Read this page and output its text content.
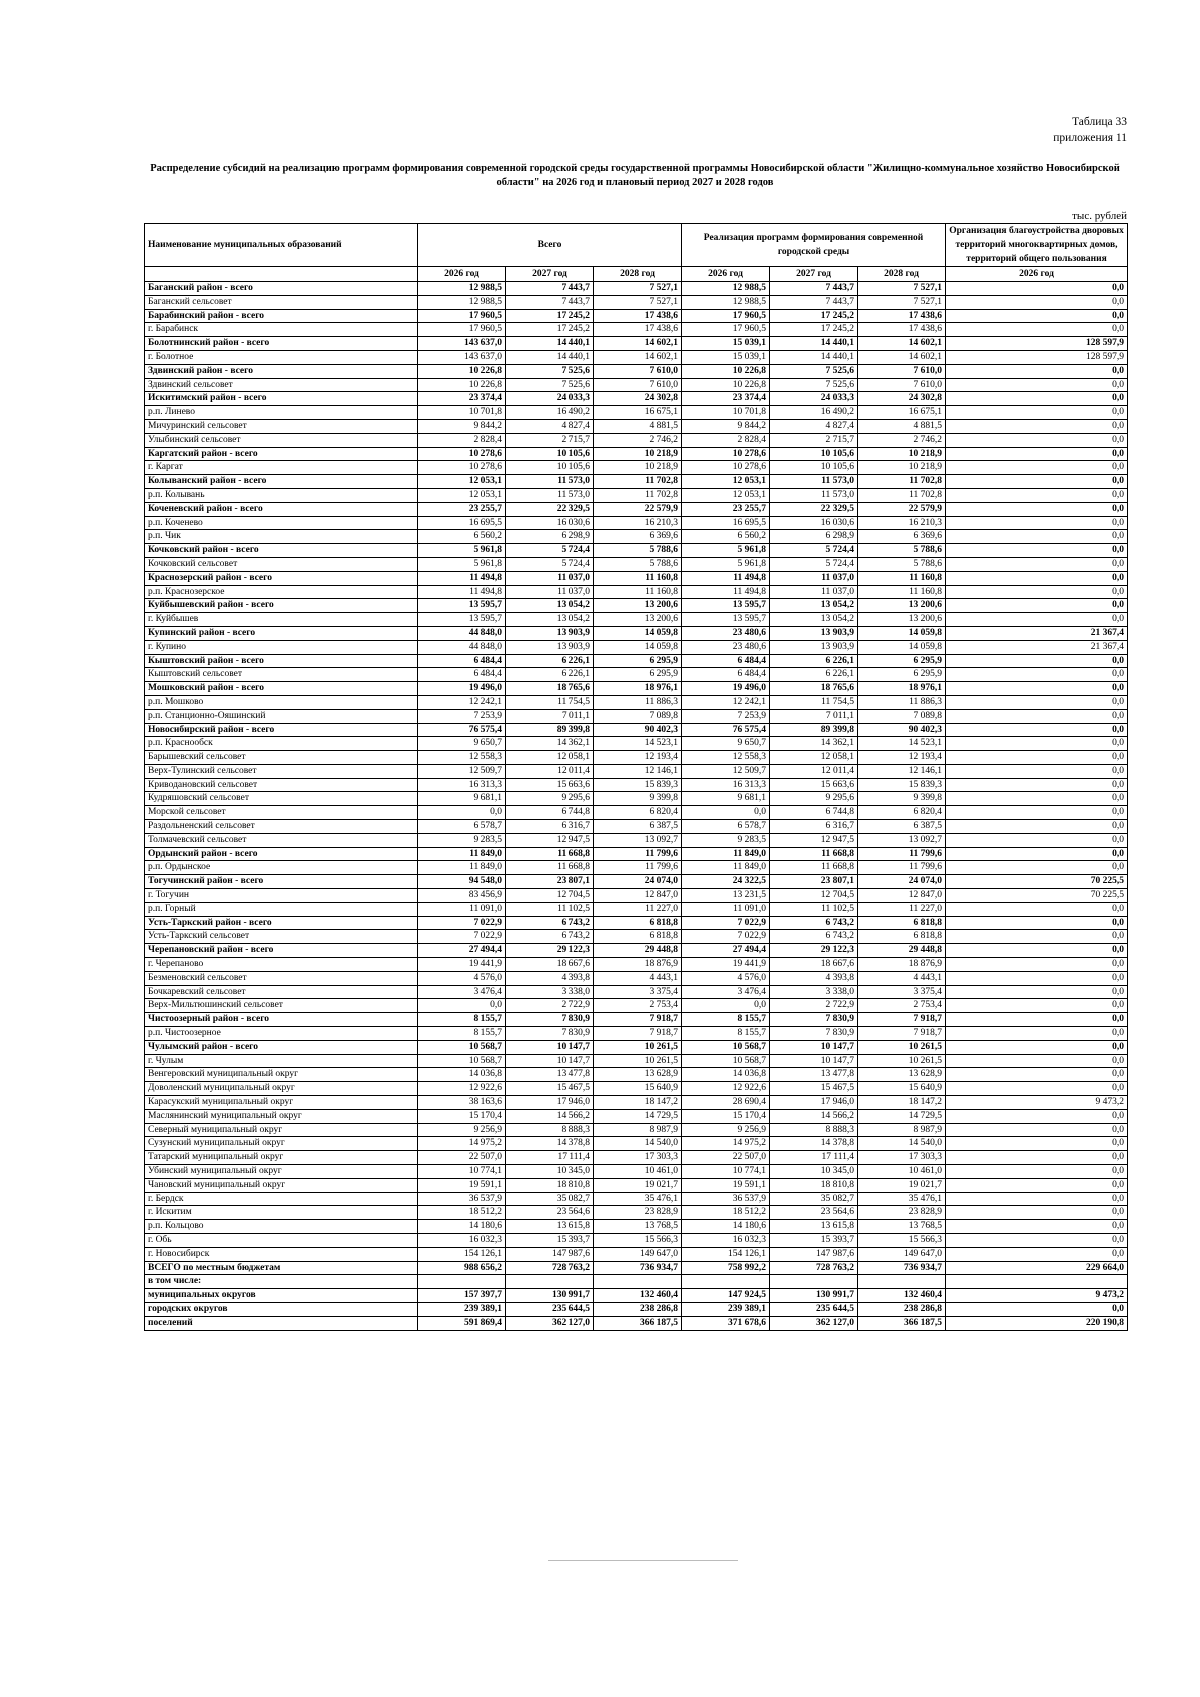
Таблица 33
приложения 11
Распределение субсидий на реализацию программ формирования современной городской среды государственной программы Новосибирской области "Жилищно-коммунальное хозяйство Новосибирской области" на 2026 год и плановый период 2027 и 2028 годов
тыс. рублей
Наименование муниципальных образований	Всего			Реализация программ формирования современной городской среды			Организация благоустройства дворовых территорий многоквартирных домов, территорий общего пользования
	2026 год	2027 год	2028 год	2026 год	2027 год	2028 год	2026 год
Баганский район - всего	12 988,5	7 443,7	7 527,1	12 988,5	7 443,7	7 527,1	0,0
Баганский сельсовет	12 988,5	7 443,7	7 527,1	12 988,5	7 443,7	7 527,1	0,0
Барабинский район - всего	17 960,5	17 245,2	17 438,6	17 960,5	17 245,2	17 438,6	0,0
г. Барабинск	17 960,5	17 245,2	17 438,6	17 960,5	17 245,2	17 438,6	0,0
Болотнинский район - всего	143 637,0	14 440,1	14 602,1	15 039,1	14 440,1	14 602,1	128 597,9
г. Болотное	143 637,0	14 440,1	14 602,1	15 039,1	14 440,1	14 602,1	128 597,9
Здвинский район - всего	10 226,8	7 525,6	7 610,0	10 226,8	7 525,6	7 610,0	0,0
Здвинский сельсовет	10 226,8	7 525,6	7 610,0	10 226,8	7 525,6	7 610,0	0,0
Искитимский район - всего	23 374,4	24 033,3	24 302,8	23 374,4	24 033,3	24 302,8	0,0
р.п. Линево	10 701,8	16 490,2	16 675,1	10 701,8	16 490,2	16 675,1	0,0
Мичуринский сельсовет	9 844,2	4 827,4	4 881,5	9 844,2	4 827,4	4 881,5	0,0
Улыбинский сельсовет	2 828,4	2 715,7	2 746,2	2 828,4	2 715,7	2 746,2	0,0
Каргатский район - всего	10 278,6	10 105,6	10 218,9	10 278,6	10 105,6	10 218,9	0,0
г. Каргат	10 278,6	10 105,6	10 218,9	10 278,6	10 105,6	10 218,9	0,0
Колыванский район - всего	12 053,1	11 573,0	11 702,8	12 053,1	11 573,0	11 702,8	0,0
р.п. Колывань	12 053,1	11 573,0	11 702,8	12 053,1	11 573,0	11 702,8	0,0
Коченевский район - всего	23 255,7	22 329,5	22 579,9	23 255,7	22 329,5	22 579,9	0,0
р.п. Коченево	16 695,5	16 030,6	16 210,3	16 695,5	16 030,6	16 210,3	0,0
р.п. Чик	6 560,2	6 298,9	6 369,6	6 560,2	6 298,9	6 369,6	0,0
Кочковский район - всего	5 961,8	5 724,4	5 788,6	5 961,8	5 724,4	5 788,6	0,0
Кочковский сельсовет	5 961,8	5 724,4	5 788,6	5 961,8	5 724,4	5 788,6	0,0
Краснозерский район - всего	11 494,8	11 037,0	11 160,8	11 494,8	11 037,0	11 160,8	0,0
р.п. Краснозерское	11 494,8	11 037,0	11 160,8	11 494,8	11 037,0	11 160,8	0,0
Куйбышевский район - всего	13 595,7	13 054,2	13 200,6	13 595,7	13 054,2	13 200,6	0,0
г. Куйбышев	13 595,7	13 054,2	13 200,6	13 595,7	13 054,2	13 200,6	0,0
Купинский район - всего	44 848,0	13 903,9	14 059,8	23 480,6	13 903,9	14 059,8	21 367,4
г. Купино	44 848,0	13 903,9	14 059,8	23 480,6	13 903,9	14 059,8	21 367,4
Кыштовский район - всего	6 484,4	6 226,1	6 295,9	6 484,4	6 226,1	6 295,9	0,0
Кыштовский сельсовет	6 484,4	6 226,1	6 295,9	6 484,4	6 226,1	6 295,9	0,0
Мошковский район - всего	19 496,0	18 765,6	18 976,1	19 496,0	18 765,6	18 976,1	0,0
р.п. Мошково	12 242,1	11 754,5	11 886,3	12 242,1	11 754,5	11 886,3	0,0
р.п. Станционно-Ояшинский	7 253,9	7 011,1	7 089,8	7 253,9	7 011,1	7 089,8	0,0
Новосибирский район - всего	76 575,4	89 399,8	90 402,3	76 575,4	89 399,8	90 402,3	0,0
р.п. Краснообск	9 650,7	14 362,1	14 523,1	9 650,7	14 362,1	14 523,1	0,0
Барышевский сельсовет	12 558,3	12 058,1	12 193,4	12 558,3	12 058,1	12 193,4	0,0
Верх-Тулинский сельсовет	12 509,7	12 011,4	12 146,1	12 509,7	12 011,4	12 146,1	0,0
Криводановский сельсовет	16 313,3	15 663,6	15 839,3	16 313,3	15 663,6	15 839,3	0,0
Кудряшовский сельсовет	9 681,1	9 295,6	9 399,8	9 681,1	9 295,6	9 399,8	0,0
Морской сельсовет	0,0	6 744,8	6 820,4	0,0	6 744,8	6 820,4	0,0
Раздольненский сельсовет	6 578,7	6 316,7	6 387,5	6 578,7	6 316,7	6 387,5	0,0
Толмачевский сельсовет	9 283,5	12 947,5	13 092,7	9 283,5	12 947,5	13 092,7	0,0
Ордынский район - всего	11 849,0	11 668,8	11 799,6	11 849,0	11 668,8	11 799,6	0,0
р.п. Ордынское	11 849,0	11 668,8	11 799,6	11 849,0	11 668,8	11 799,6	0,0
Тогучинский район - всего	94 548,0	23 807,1	24 074,0	24 322,5	23 807,1	24 074,0	70 225,5
г. Тогучин	83 456,9	12 704,5	12 847,0	13 231,5	12 704,5	12 847,0	70 225,5
р.п. Горный	11 091,0	11 102,5	11 227,0	11 091,0	11 102,5	11 227,0	0,0
Усть-Таркский район - всего	7 022,9	6 743,2	6 818,8	7 022,9	6 743,2	6 818,8	0,0
Усть-Таркский сельсовет	7 022,9	6 743,2	6 818,8	7 022,9	6 743,2	6 818,8	0,0
Черепановский район - всего	27 494,4	29 122,3	29 448,8	27 494,4	29 122,3	29 448,8	0,0
г. Черепаново	19 441,9	18 667,6	18 876,9	19 441,9	18 667,6	18 876,9	0,0
Безменовский сельсовет	4 576,0	4 393,8	4 443,1	4 576,0	4 393,8	4 443,1	0,0
Бочкаревский сельсовет	3 476,4	3 338,0	3 375,4	3 476,4	3 338,0	3 375,4	0,0
Верх-Мильтюшинский сельсовет	0,0	2 722,9	2 753,4	0,0	2 722,9	2 753,4	0,0
Чистоозерный район - всего	8 155,7	7 830,9	7 918,7	8 155,7	7 830,9	7 918,7	0,0
р.п. Чистоозерное	8 155,7	7 830,9	7 918,7	8 155,7	7 830,9	7 918,7	0,0
Чулымский район - всего	10 568,7	10 147,7	10 261,5	10 568,7	10 147,7	10 261,5	0,0
г. Чулым	10 568,7	10 147,7	10 261,5	10 568,7	10 147,7	10 261,5	0,0
Венгеровский муниципальный округ	14 036,8	13 477,8	13 628,9	14 036,8	13 477,8	13 628,9	0,0
Доволенский муниципальный округ	12 922,6	15 467,5	15 640,9	12 922,6	15 467,5	15 640,9	0,0
Карасукский муниципальный округ	38 163,6	17 946,0	18 147,2	28 690,4	17 946,0	18 147,2	9 473,2
Маслянинский муниципальный округ	15 170,4	14 566,2	14 729,5	15 170,4	14 566,2	14 729,5	0,0
Северный муниципальный округ	9 256,9	8 888,3	8 987,9	9 256,9	8 888,3	8 987,9	0,0
Сузунский муниципальный округ	14 975,2	14 378,8	14 540,0	14 975,2	14 378,8	14 540,0	0,0
Татарский муниципальный округ	22 507,0	17 111,4	17 303,3	22 507,0	17 111,4	17 303,3	0,0
Убинский муниципальный округ	10 774,1	10 345,0	10 461,0	10 774,1	10 345,0	10 461,0	0,0
Чановский муниципальный округ	19 591,1	18 810,8	19 021,7	19 591,1	18 810,8	19 021,7	0,0
г. Бердск	36 537,9	35 082,7	35 476,1	36 537,9	35 082,7	35 476,1	0,0
г. Искитим	18 512,2	23 564,6	23 828,9	18 512,2	23 564,6	23 828,9	0,0
р.п. Кольцово	14 180,6	13 615,8	13 768,5	14 180,6	13 615,8	13 768,5	0,0
г. Обь	16 032,3	15 393,7	15 566,3	16 032,3	15 393,7	15 566,3	0,0
г. Новосибирск	154 126,1	147 987,6	149 647,0	154 126,1	147 987,6	149 647,0	0,0
ВСЕГО по местным бюджетам	988 656,2	728 763,2	736 934,7	758 992,2	728 763,2	736 934,7	229 664,0
в том числе:							
муниципальных округов	157 397,7	130 991,7	132 460,4	147 924,5	130 991,7	132 460,4	9 473,2
городских округов	239 389,1	235 644,5	238 286,8	239 389,1	235 644,5	238 286,8	0,0
поселений	591 869,4	362 127,0	366 187,5	371 678,6	362 127,0	366 187,5	220 190,8
